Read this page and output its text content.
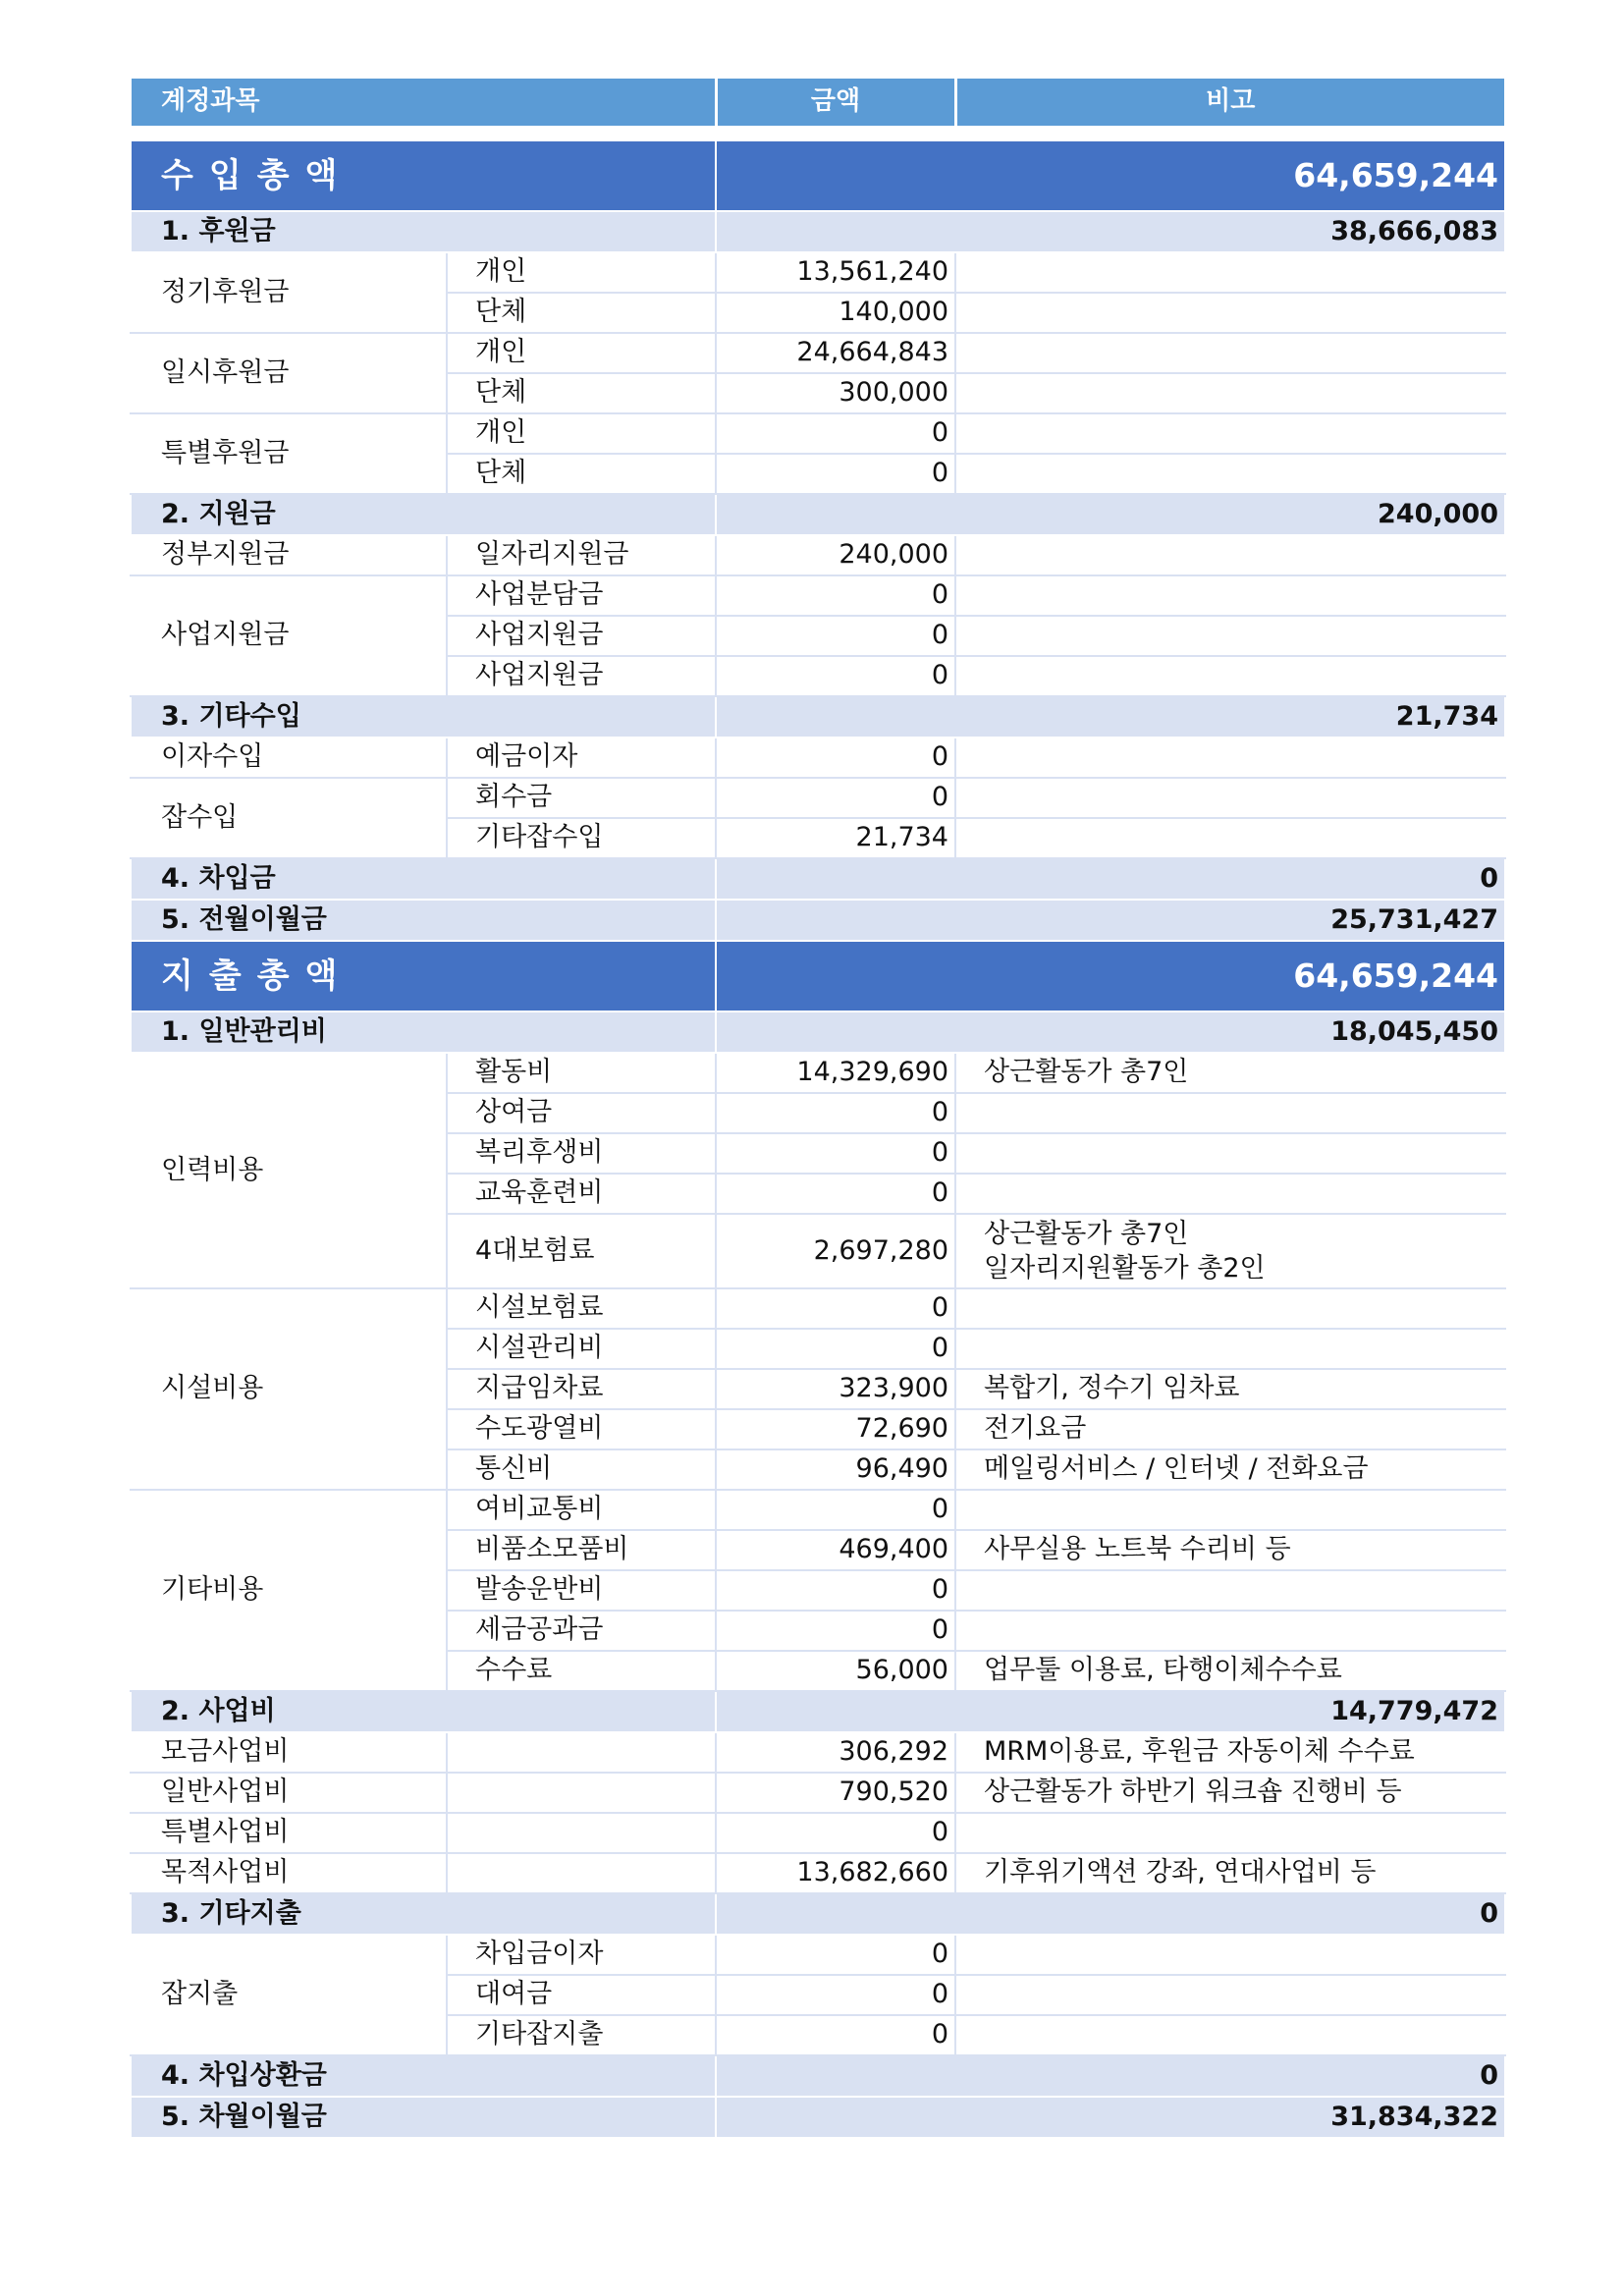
계정과목		금액	비고

수입총액		64,659,244	
1. 후원금		38,666,083	
정기후원금	개인	13,561,240	
	단체	140,000	
일시후원금	개인	24,664,843	
	단체	300,000	
특별후원금	개인	0	
	단체	0	
2. 지원금		240,000	
정부지원금	일자리지원금	240,000	
사업지원금	사업분담금	0	
	사업지원금	0	
	사업지원금	0	
3. 기타수입		21,734	
이자수입	예금이자	0	
잡수입	회수금	0	
	기타잡수입	21,734	
4. 차입금		0	
5. 전월이월금		25,731,427	
지출총액		64,659,244	
1. 일반관리비		18,045,450	
인력비용	활동비	14,329,690	상근활동가 총7인
	상여금	0	
	복리후생비	0	
	교육훈련비	0	
	4대보험료	2,697,280	상근활동가 총7인
일자리지원활동가 총2인

시설비용	시설보험료	0	
	시설관리비	0	
	지급임차료	323,900	복합기, 정수기 임차료
	수도광열비	72,690	전기요금
	통신비	96,490	메일링서비스 / 인터넷 / 전화요금
기타비용	여비교통비	0	
	비품소모품비	469,400	사무실용 노트북 수리비 등
	발송운반비	0	
	세금공과금	0	
	수수료	56,000	업무툴 이용료, 타행이체수수료
2. 사업비		14,779,472	
모금사업비		306,292	MRM이용료, 후원금 자동이체 수수료
일반사업비		790,520	상근활동가 하반기 워크숍 진행비 등
특별사업비		0	
목적사업비		13,682,660	기후위기액션 강좌, 연대사업비 등
3. 기타지출		0	
잡지출	차입금이자	0	
	대여금	0	
	기타잡지출	0	
4. 차입상환금		0	
5. 차월이월금		31,834,322	
